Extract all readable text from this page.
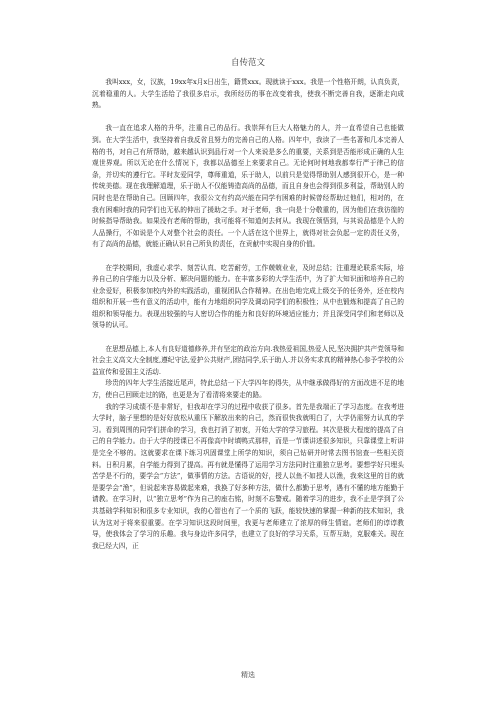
自传范文

我叫xxx，女，汉族，19xx年x月x日出生，籍贯xxx。现就读于xxx。我是一个性格开朗，认真负责，沉着稳重的人。大学生活给了我很多启示，我所经历的事在改变着我，使我不断完善自我，逐渐走向成熟。

我一直在追求人格的升华，注重自己的品行。我崇拜有巨大人格魅力的人，并一直希望自己也能做到。在大学生活中，我坚持着自我反省且努力的完善自己的人格。四年中，我读了一些名著和几本完善人格的书，对自己有所帮助，越来越认识到品行对一个人来说是多么的重要，关系到是否能形成正确的人生观世界观。所以无论在什么情况下，我都以品德至上来要求自己。无论何时何地我都奉行严于律己的信条，并切实的遵行它。平时友爱同学，尊师重道，乐于助人，以前只是觉得帮助别人感到很开心，是一种传统美德。现在我理解道理，乐于助人不仅能铸造高尚的品德，而且自身也会得到很多利益，帮助别人的同时也是在帮助自己。回顾四年，我很公文有约高兴能在同学有困难的时候曾经帮助过他们，相对的，在我有困难时我的同学们也无私的伸出了援助之手。对于老师，我一向是十分敬重的，因为他们在我彷徨的时候指导帮助我。如果没有老师的帮助，我可能将不知道何去何从。我现在领悟到，与其说品德是个人的人品操行，不如说是个人对整个社会的责任。一个人活在这个世界上，就得对社会负起一定的责任义务，有了高尚的品德，就能正确认识自己所负的责任，在贡献中实现自身的价值。

在学校期间，我虚心求学、刻苦认真、吃苦耐劳，工作兢兢业业，及时总结；注重理论联系实际，培养自己的自学能力以及分析、解决问题的能力。在丰富多彩的大学生活中，为了扩大知识面和培养自己的业余爱好，积极参加校内外的实践活动，重视团队合作精神。在出色地完成上级交予的任务外，还在校内组织和开展一些有意义的活动中，能有力地组织同学及调动同学们的积极性；从中也锻炼和提高了自己的组织和领导能力。表现出较强的与人密切合作的能力和良好的环境适应能力；并且深受同学们和老师以及领导的认可。

在思想品德上,本人有良好道德修养,并有坚定的政治方向.我热爱祖国,热爱人民,坚决拥护共产党领导和社会主义高文大全制度,遵纪守法,爱护公共财产,团结同学,乐于助人.并以务实求真的精神热心参予学校的公益宣传和爱国主义活动.

珍贵的四年大学生活接近尾声，特此总结一下大学四年的得失，从中继承做得好的方面改进不足的地方，使自己回顾走过的路，也更是为了看清将来要走的路。

我的学习成绩不是非常好，但我却在学习的过程中收获了很多。首先是我端正了学习态度。在我考进大学时，脑子里想的是好好放松从重压下解放出来的自己，然而很快我就明白了，大学仍需努力认真的学习。看到周围的同学们拼命的学习，我也打消了初衷，开始大学的学习旅程。其次是极大程度的提高了自己的自学能力。由于大学的授课已不再像高中时填鸭式那样，而是一节课讲述很多知识，只靠课堂上听讲是完全不够的。这就要求在课下练习巩固课堂上所学的知识，须自己钻研并时常去图书馆查一些相关资料。日积月累，自学能力得到了提高。再有就是懂得了运用学习方法同时注重独立思考。要想学好只埋头苦学是不行的，要学会“方法”，做事情的方法。古语说的好，授人以鱼不如授人以渔，我来这里的目的就是要学会“渔”，但说起来容易做起来难，我换了好多种方法，做什么都勤于思考，遇有不懂的地方能勤于请教。在学习时，以“独立思考”作为自己的座右铭，时刻不忘警戒。随着学习的进步，我不止是学到了公共基础学科知识和很多专业知识，我的心智也有了一个质的飞跃，能较快速的掌握一种新的技术知识，我认为这对于将来很重要。在学习知识这段时间里，我更与老师建立了浓厚的师生情谊。老师们的谆谆教导，使我体会了学习的乐趣。我与身边许多同学，也建立了良好的学习关系，互帮互助，克服难关。现在我已经大四，正

精选
